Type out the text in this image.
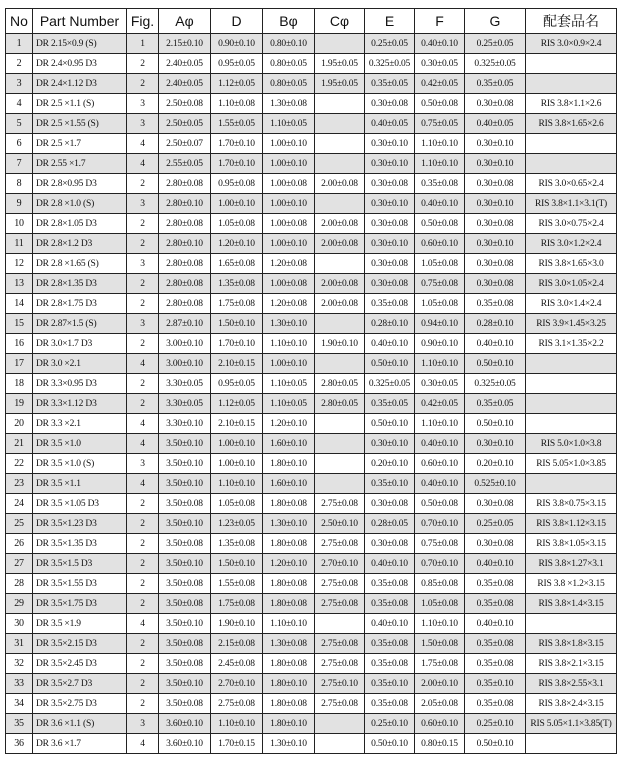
No	Part Number	Fig.	Aφ	D	Bφ	Cφ	E	F	G	配套品名
1	DR 2.15×0.9 (S)	1	2.15±0.10	0.90±0.10	0.80±0.10		0.25±0.05	0.40±0.10	0.25±0.05	RIS 3.0×0.9×2.4
2	DR 2.4×0.95 D3	2	2.40±0.05	0.95±0.05	0.80±0.05	1.95±0.05	0.325±0.05	0.30±0.05	0.325±0.05	
3	DR 2.4×1.12 D3	2	2.40±0.05	1.12±0.05	0.80±0.05	1.95±0.05	0.35±0.05	0.42±0.05	0.35±0.05	
4	DR 2.5 ×1.1 (S)	3	2.50±0.08	1.10±0.08	1.30±0.08		0.30±0.08	0.50±0.08	0.30±0.08	RIS 3.8×1.1×2.6
5	DR 2.5 ×1.55 (S)	3	2.50±0.05	1.55±0.05	1.10±0.05		0.40±0.05	0.75±0.05	0.40±0.05	RIS 3.8×1.65×2.6
6	DR 2.5 ×1.7	4	2.50±0.07	1.70±0.10	1.00±0.10		0.30±0.10	1.10±0.10	0.30±0.10	
7	DR 2.55 ×1.7	4	2.55±0.05	1.70±0.10	1.00±0.10		0.30±0.10	1.10±0.10	0.30±0.10	
8	DR 2.8×0.95 D3	2	2.80±0.08	0.95±0.08	1.00±0.08	2.00±0.08	0.30±0.08	0.35±0.08	0.30±0.08	RIS 3.0×0.65×2.4
9	DR 2.8 ×1.0 (S)	3	2.80±0.10	1.00±0.10	1.00±0.10		0.30±0.10	0.40±0.10	0.30±0.10	RIS 3.8×1.1×3.1(T)
10	DR 2.8×1.05 D3	2	2.80±0.08	1.05±0.08	1.00±0.08	2.00±0.08	0.30±0.08	0.50±0.08	0.30±0.08	RIS 3.0×0.75×2.4
11	DR 2.8×1.2 D3	2	2.80±0.10	1.20±0.10	1.00±0.10	2.00±0.08	0.30±0.10	0.60±0.10	0.30±0.10	RIS 3.0×1.2×2.4
12	DR 2.8 ×1.65 (S)	3	2.80±0.08	1.65±0.08	1.20±0.08		0.30±0.08	1.05±0.08	0.30±0.08	RIS 3.8×1.65×3.0
13	DR 2.8×1.35 D3	2	2.80±0.08	1.35±0.08	1.00±0.08	2.00±0.08	0.30±0.08	0.75±0.08	0.30±0.08	RIS 3.0×1.05×2.4
14	DR 2.8×1.75 D3	2	2.80±0.08	1.75±0.08	1.20±0.08	2.00±0.08	0.35±0.08	1.05±0.08	0.35±0.08	RIS 3.0×1.4×2.4
15	DR 2.87×1.5 (S)	3	2.87±0.10	1.50±0.10	1.30±0.10		0.28±0.10	0.94±0.10	0.28±0.10	RIS 3.9×1.45×3.25
16	DR 3.0×1.7 D3	2	3.00±0.10	1.70±0.10	1.10±0.10	1.90±0.10	0.40±0.10	0.90±0.10	0.40±0.10	RIS 3.1×1.35×2.2
17	DR 3.0 ×2.1	4	3.00±0.10	2.10±0.15	1.00±0.10		0.50±0.10	1.10±0.10	0.50±0.10	
18	DR 3.3×0.95 D3	2	3.30±0.05	0.95±0.05	1.10±0.05	2.80±0.05	0.325±0.05	0.30±0.05	0.325±0.05	
19	DR 3.3×1.12 D3	2	3.30±0.05	1.12±0.05	1.10±0.05	2.80±0.05	0.35±0.05	0.42±0.05	0.35±0.05	
20	DR 3.3 ×2.1	4	3.30±0.10	2.10±0.15	1.20±0.10		0.50±0.10	1.10±0.10	0.50±0.10	
21	DR 3.5 ×1.0	4	3.50±0.10	1.00±0.10	1.60±0.10		0.30±0.10	0.40±0.10	0.30±0.10	RIS 5.0×1.0×3.8
22	DR 3.5 ×1.0 (S)	3	3.50±0.10	1.00±0.10	1.80±0.10		0.20±0.10	0.60±0.10	0.20±0.10	RIS 5.05×1.0×3.85
23	DR 3.5 ×1.1	4	3.50±0.10	1.10±0.10	1.60±0.10		0.35±0.10	0.40±0.10	0.525±0.10	
24	DR 3.5 ×1.05 D3	2	3.50±0.08	1.05±0.08	1.80±0.08	2.75±0.08	0.30±0.08	0.50±0.08	0.30±0.08	RIS 3.8×0.75×3.15
25	DR 3.5×1.23 D3	2	3.50±0.10	1.23±0.05	1.30±0.10	2.50±0.10	0.28±0.05	0.70±0.10	0.25±0.05	RIS 3.8×1.12×3.15
26	DR 3.5×1.35 D3	2	3.50±0.08	1.35±0.08	1.80±0.08	2.75±0.08	0.30±0.08	0.75±0.08	0.30±0.08	RIS 3.8×1.05×3.15
27	DR 3.5×1.5 D3	2	3.50±0.10	1.50±0.10	1.20±0.10	2.70±0.10	0.40±0.10	0.70±0.10	0.40±0.10	RIS 3.8×1.27×3.1
28	DR 3.5×1.55 D3	2	3.50±0.08	1.55±0.08	1.80±0.08	2.75±0.08	0.35±0.08	0.85±0.08	0.35±0.08	RIS 3.8 ×1.2×3.15
29	DR 3.5×1.75 D3	2	3.50±0.08	1.75±0.08	1.80±0.08	2.75±0.08	0.35±0.08	1.05±0.08	0.35±0.08	RIS 3.8×1.4×3.15
30	DR 3.5 ×1.9	4	3.50±0.10	1.90±0.10	1.10±0.10		0.40±0.10	1.10±0.10	0.40±0.10	
31	DR 3.5×2.15 D3	2	3.50±0.08	2.15±0.08	1.30±0.08	2.75±0.08	0.35±0.08	1.50±0.08	0.35±0.08	RIS 3.8×1.8×3.15
32	DR 3.5×2.45 D3	2	3.50±0.08	2.45±0.08	1.80±0.08	2.75±0.08	0.35±0.08	1.75±0.08	0.35±0.08	RIS 3.8×2.1×3.15
33	DR 3.5×2.7 D3	2	3.50±0.10	2.70±0.10	1.80±0.10	2.75±0.10	0.35±0.10	2.00±0.10	0.35±0.10	RIS 3.8×2.55×3.1
34	DR 3.5×2.75 D3	2	3.50±0.08	2.75±0.08	1.80±0.08	2.75±0.08	0.35±0.08	2.05±0.08	0.35±0.08	RIS 3.8×2.4×3.15
35	DR 3.6 ×1.1 (S)	3	3.60±0.10	1.10±0.10	1.80±0.10		0.25±0.10	0.60±0.10	0.25±0.10	RIS 5.05×1.1×3.85(T)
36	DR 3.6 ×1.7	4	3.60±0.10	1.70±0.15	1.30±0.10		0.50±0.10	0.80±0.15	0.50±0.10	
